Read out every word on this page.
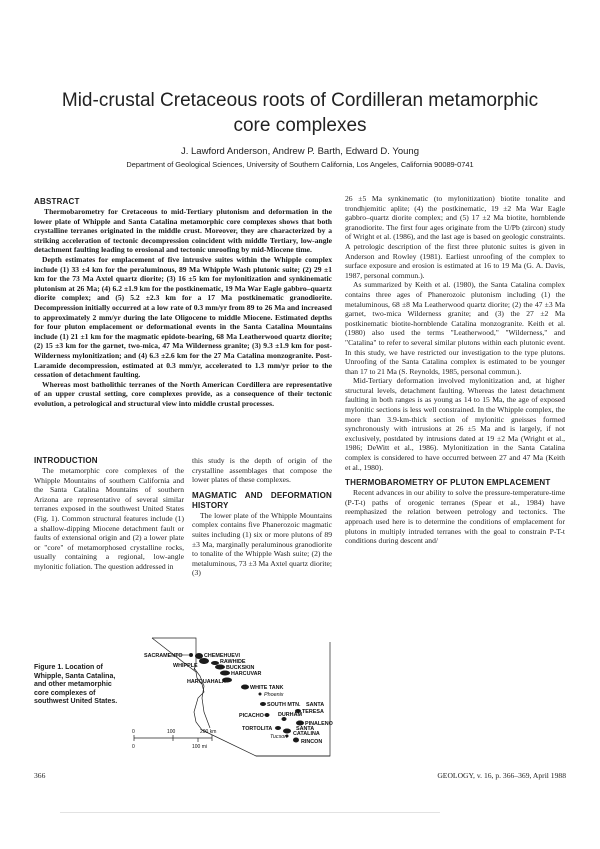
Mid-crustal Cretaceous roots of Cordilleran metamorphic core complexes
J. Lawford Anderson, Andrew P. Barth, Edward D. Young
Department of Geological Sciences, University of Southern California, Los Angeles, California 90089-0741
ABSTRACT

Thermobarometry for Cretaceous to mid-Tertiary plutonism and deformation in the lower plate of Whipple and Santa Catalina metamorphic core complexes shows that both crystalline terranes originated in the middle crust. Moreover, they are characterized by a striking acceleration of tectonic decompression coincident with middle Tertiary, low-angle detachment faulting leading to erosional and tectonic unroofing by mid-Miocene time.

Depth estimates for emplacement of five intrusive suites within the Whipple complex include (1) 33 ±4 km for the peraluminous, 89 Ma Whipple Wash plutonic suite; (2) 29 ±1 km for the 73 Ma Axtel quartz diorite; (3) 16 ±5 km for mylonitization and synkinematic plutonism at 26 Ma; (4) 6.2 ±1.9 km for the postkinematic, 19 Ma War Eagle gabbro–quartz diorite complex; and (5) 5.2 ±2.3 km for a 17 Ma postkinematic granodiorite. Decompression initially occurred at a low rate of 0.3 mm/yr from 89 to 26 Ma and increased to approximately 2 mm/yr during the late Oligocene to middle Miocene. Estimated depths for four pluton emplacement or deformational events in the Santa Catalina Mountains include (1) 21 ±1 km for the magmatic epidote-bearing, 68 Ma Leatherwood quartz diorite; (2) 15 ±3 km for the garnet, two-mica, 47 Ma Wilderness granite; (3) 9.3 ±1.9 km for post-Wilderness mylonitization; and (4) 6.3 ±2.6 km for the 27 Ma Catalina monzogranite. Post-Laramide decompression, estimated at 0.3 mm/yr, accelerated to 1.3 mm/yr prior to the cessation of detachment faulting.

Whereas most batholithic terranes of the North American Cordillera are representative of an upper crustal setting, core complexes provide, as a consequence of their tectonic evolution, a petrological and structural view into middle crustal processes.

INTRODUCTION

The metamorphic core complexes of the Whipple Mountains of southern California and the Santa Catalina Mountains of southern Arizona are representative of several similar terranes exposed in the southwest United States (Fig. 1). Common structural features include (1) a shallow-dipping Miocene detachment fault or faults of extensional origin and (2) a lower plate or "core" of metamorphosed crystalline rocks, usually containing a regional, low-angle mylonitic foliation. The question addressed in

this study is the depth of origin of the crystalline assemblages that compose the lower plates of these complexes.

MAGMATIC AND DEFORMATION HISTORY

The lower plate of the Whipple Mountains complex contains five Phanerozoic magmatic suites including (1) six or more plutons of 89 ±3 Ma, marginally peraluminous granodiorite to tonalite of the Whipple Wash suite; (2) the metaluminous, 73 ±3 Ma Axtel quartz diorite; (3)

26 ±5 Ma synkinematic (to mylonitization) biotite tonalite and trondhjemitic aplite; (4) the postkinematic, 19 ±2 Ma War Eagle gabbro–quartz diorite complex; and (5) 17 ±2 Ma biotite, hornblende granodiorite. The first four ages originate from the U/Pb (zircon) study of Wright et al. (1986), and the last age is based on geologic constraints. A petrologic description of the first three plutonic suites is given in Anderson and Rowley (1981). Earliest unroofing of the complex to surface exposure and erosion is estimated at 16 to 19 Ma (G. A. Davis, 1987, personal commun.).

As summarized by Keith et al. (1980), the Santa Catalina complex contains three ages of Phanerozoic plutonism including (1) the metaluminous, 68 ±8 Ma Leatherwood quartz diorite; (2) the 47 ±3 Ma garnet, two-mica Wilderness granite; and (3) the 27 ±2 Ma postkinematic biotite-hornblende Catalina monzogranite. Keith et al. (1980) also used the terms "Leatherwood," "Wilderness," and "Catalina" to refer to several similar plutons within each plutonic event. In this study, we have restricted our investigation to the type plutons. Unroofing of the Santa Catalina complex is estimated to be younger than 17 to 21 Ma (S. Reynolds, 1985, personal commun.).

Mid-Tertiary deformation involved mylonitization and, at higher structural levels, detachment faulting. Whereas the latest detachment faulting in both ranges is as young as 14 to 15 Ma, the age of exposed mylonitic sections is less well constrained. In the Whipple complex, the more than 3.9-km-thick section of mylonitic gneisses formed synchronously with intrusions at 26 ±5 Ma and is largely, if not exclusively, postdated by intrusions dated at 19 ±2 Ma (Wright et al., 1986; DeWitt et al., 1986). Mylonitization in the Santa Catalina complex is considered to have occurred between 27 and 47 Ma (Keith et al., 1980).

THERMOBAROMETRY OF PLUTON EMPLACEMENT

Recent advances in our ability to solve the pressure-temperature-time (P-T-t) paths of orogenic terranes (Spear et al., 1984) have reemphasized the relation between petrology and tectonics. The approach used here is to determine the conditions of emplacement for plutons in multiply intruded terranes with the goal to constrain P-T-t conditions during descent and/

Figure 1. Location of Whipple, Santa Catalina, and other metamorphic core complexes of southwest United States.
SACRAMENTO	CHEMEHUEVI
WHIPPLE
RAWHIDE
BUCKSKIN
HARCUVAR
HARQUAHALA
WHITE TANK
Phoenix
SOUTH MTN.	SANTA TERESA
PICACHO	DURHAM
PINALENO
TORTOLITA	SANTA CATALINA
Tucson
RINCON
0	100	200 km
0	100 mi
366	GEOLOGY, v. 16, p. 366–369, April 1988
